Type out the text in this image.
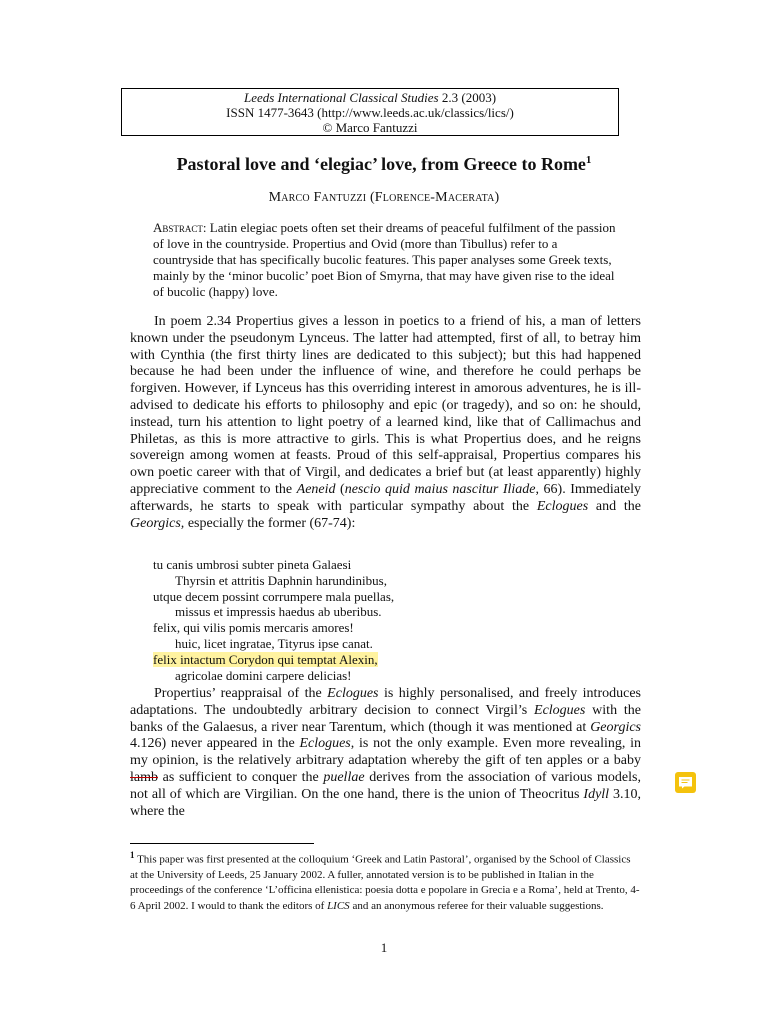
Leeds International Classical Studies 2.3 (2003)
ISSN 1477-3643 (http://www.leeds.ac.uk/classics/lics/)
© Marco Fantuzzi
Pastoral love and ‘elegiac’ love, from Greece to Rome$^1$
Marco Fantuzzi (Florence-Macerata)
Abstract: Latin elegiac poets often set their dreams of peaceful fulfilment of the passion of love in the countryside. Propertius and Ovid (more than Tibullus) refer to a countryside that has specifically bucolic features. This paper analyses some Greek texts, mainly by the ‘minor bucolic’ poet Bion of Smyrna, that may have given rise to the ideal of bucolic (happy) love.

In poem 2.34 Propertius gives a lesson in poetics to a friend of his, a man of letters known under the pseudonym Lynceus. The latter had attempted, first of all, to betray him with Cynthia (the first thirty lines are dedicated to this subject); but this had happened because he had been under the influence of wine, and therefore he could perhaps be forgiven. However, if Lynceus has this overriding interest in amorous adventures, he is ill-advised to dedicate his efforts to philosophy and epic (or tragedy), and so on: he should, instead, turn his attention to light poetry of a learned kind, like that of Callimachus and Philetas, as this is more attractive to girls. This is what Propertius does, and he reigns sovereign among women at feasts. Proud of this self-appraisal, Propertius compares his own poetic career with that of Virgil, and dedicates a brief but (at least apparently) highly appreciative comment to the Aeneid (nescio quid maius nascitur Iliade, 66). Immediately afterwards, he starts to speak with particular sympathy about the Eclogues and the Georgics, especially the former (67-74):

tu canis umbrosi subter pineta Galaesi
Thyrsin et attritis Daphnin harundinibus,
utque decem possint corrumpere mala puellas,
missus et impressis haedus ab uberibus.
felix, qui vilis pomis mercaris amores!
huic, licet ingratae, Tityrus ipse canat.
felix intactum Corydon qui temptat Alexin,
agricolae domini carpere delicias!

Propertius’ reappraisal of the Eclogues is highly personalised, and freely introduces adaptations. The undoubtedly arbitrary decision to connect Virgil’s Eclogues with the banks of the Galaesus, a river near Tarentum, which (though it was mentioned at Georgics 4.126) never appeared in the Eclogues, is not the only example. Even more revealing, in my opinion, is the relatively arbitrary adaptation whereby the gift of ten apples or a baby lamb as sufficient to conquer the puellae derives from the association of various models, not all of which are Virgilian. On the one hand, there is the union of Theocritus Idyll 3.10, where the

$^1$ This paper was first presented at the colloquium ‘Greek and Latin Pastoral’, organised by the School of Classics at the University of Leeds, 25 January 2002. A fuller, annotated version is to be published in Italian in the proceedings of the conference ‘L’officina ellenistica: poesia dotta e popolare in Grecia e a Roma’, held at Trento, 4-6 April 2002. I would to thank the editors of LICS and an anonymous referee for their valuable suggestions.
1
